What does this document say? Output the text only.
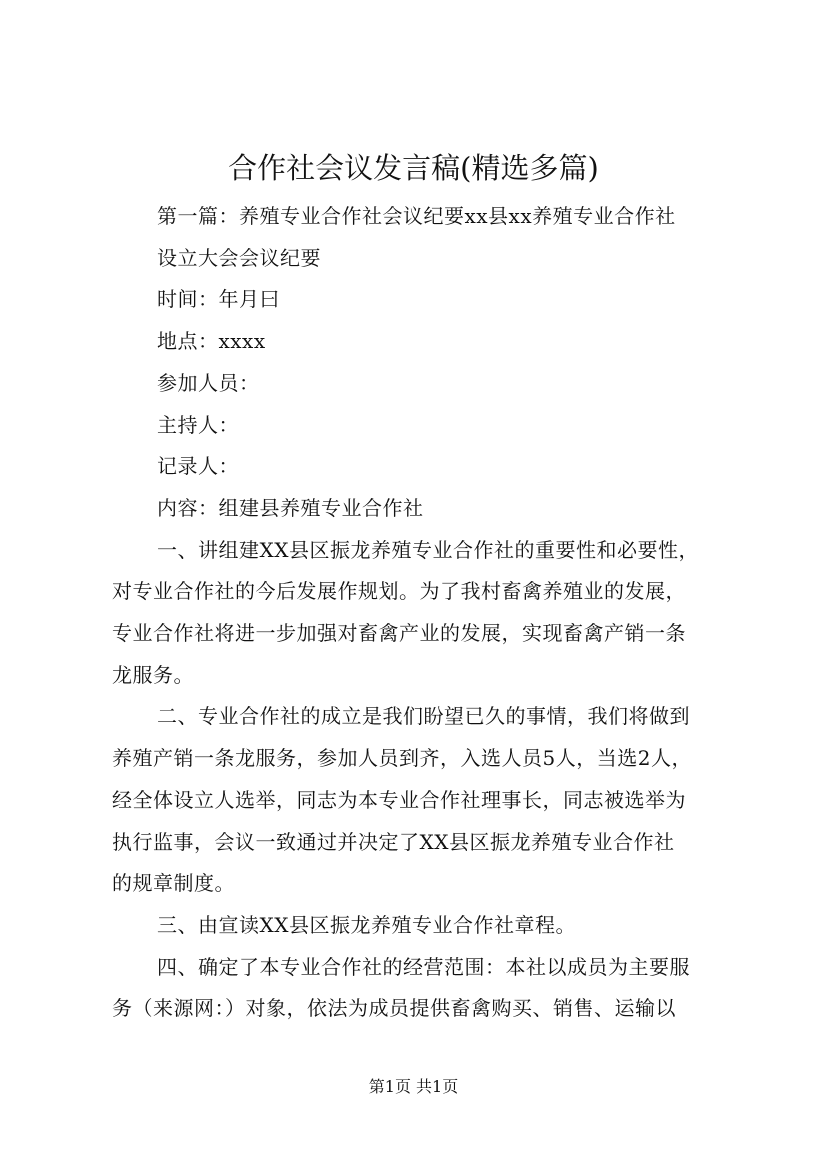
合作社会议发言稿(精选多篇)
第一篇：养殖专业合作社会议纪要xx县xx养殖专业合作社
设立大会会议纪要
时间：年月曰
地点：xxxx
参加人员：
主持人：
记录人：
内容：组建县养殖专业合作社
一、讲组建XX县区振龙养殖专业合作社的重要性和必要性，
对专业合作社的今后发展作规划。为了我村畜禽养殖业的发展，
专业合作社将进一步加强对畜禽产业的发展，实现畜禽产销一条
龙服务。
二、专业合作社的成立是我们盼望已久的事情，我们将做到
养殖产销一条龙服务，参加人员到齐，入选人员5人，当选2人，
经全体设立人选举，同志为本专业合作社理事长，同志被选举为
执行监事，会议一致通过并决定了XX县区振龙养殖专业合作社
的规章制度。
三、由宣读XX县区振龙养殖专业合作社章程。
四、确定了本专业合作社的经营范围：本社以成员为主要服
务（来源网：）对象，依法为成员提供畜禽购买、销售、运输以
第1页 共1页
